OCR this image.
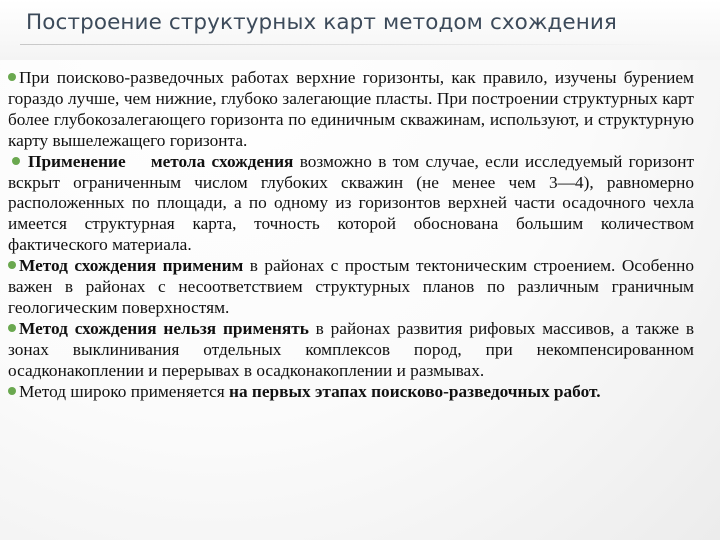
Построение структурных карт методом схождения

При поисково-разведочных работах верхние горизонты, как правило, изучены бурением гораздо лучше, чем нижние, глубоко залегающие пласты. При построении структурных карт более глубокозалегающего горизонта по единичным скважинам, используют, и структурную карту вышележащего горизонта.

Применение    метола схождения возможно в том случае, если исследуемый горизонт вскрыт ограниченным числом глубоких скважин (не менее чем 3—4), равномерно расположенных по площади, а по одному из горизонтов верхней части осадочного чехла имеется структурная карта, точность которой обоснована большим количеством фактического материала.

Метод схождения применим в районах с простым тектоническим строением. Особенно важен в районах с несоответствием структурных планов по различным граничным геологическим поверхностям.

Метод схождения нельзя применять в районах развития рифовых массивов, а также в зонах выклинивания отдельных комплексов пород, при некомпенсированном осадконакоплении и перерывах в осадконакоплении и размывах.

Метод широко применяется на первых этапах поисково-разведочных работ.
